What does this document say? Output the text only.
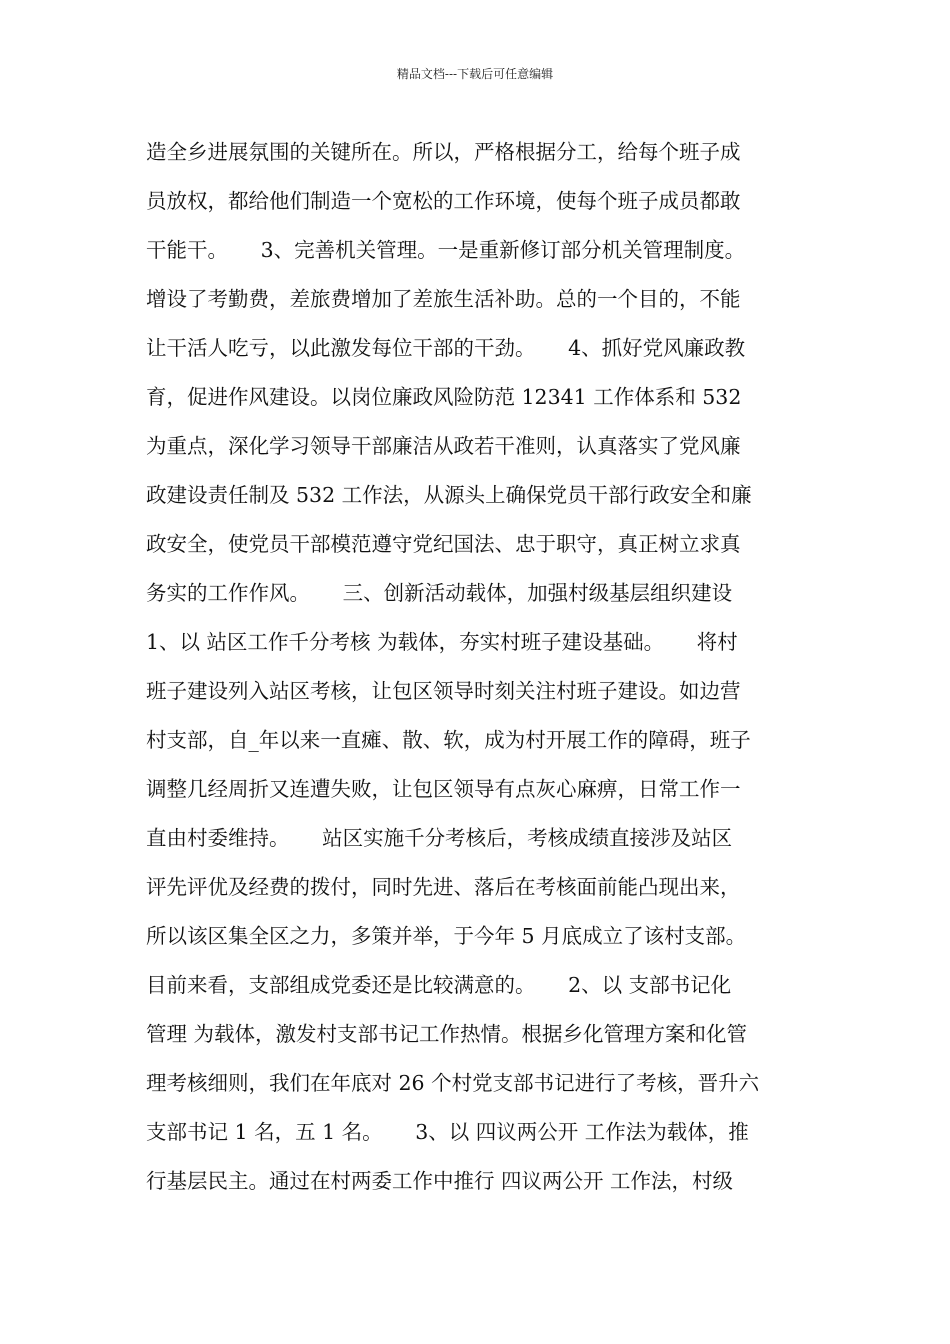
精品文档---下载后可任意编辑
造全乡进展氛围的关键所在。所以，严格根据分工，给每个班子成
员放权，都给他们制造一个宽松的工作环境，使每个班子成员都敢
干能干。     3、完善机关管理。一是重新修订部分机关管理制度。
增设了考勤费，差旅费增加了差旅生活补助。总的一个目的，不能
让干活人吃亏，以此激发每位干部的干劲。     4、抓好党风廉政教
育，促进作风建设。以岗位廉政风险防范 12341 工作体系和 532
为重点，深化学习领导干部廉洁从政若干准则，认真落实了党风廉
政建设责任制及 532 工作法，从源头上确保党员干部行政安全和廉
政安全，使党员干部模范遵守党纪国法、忠于职守，真正树立求真
务实的工作作风。     三、创新活动载体，加强村级基层组织建设
1、以 站区工作千分考核 为载体，夯实村班子建设基础。     将村
班子建设列入站区考核，让包区领导时刻关注村班子建设。如边营
村支部，自_年以来一直瘫、散、软，成为村开展工作的障碍，班子
调整几经周折又连遭失败，让包区领导有点灰心麻痹，日常工作一
直由村委维持。     站区实施千分考核后，考核成绩直接涉及站区
评先评优及经费的拨付，同时先进、落后在考核面前能凸现出来，
所以该区集全区之力，多策并举，于今年 5 月底成立了该村支部。
目前来看，支部组成党委还是比较满意的。     2、以 支部书记化
管理 为载体，激发村支部书记工作热情。根据乡化管理方案和化管
理考核细则，我们在年底对 26 个村党支部书记进行了考核，晋升六
支部书记 1 名，五 1 名。     3、以 四议两公开 工作法为载体，推
行基层民主。通过在村两委工作中推行 四议两公开 工作法，村级
